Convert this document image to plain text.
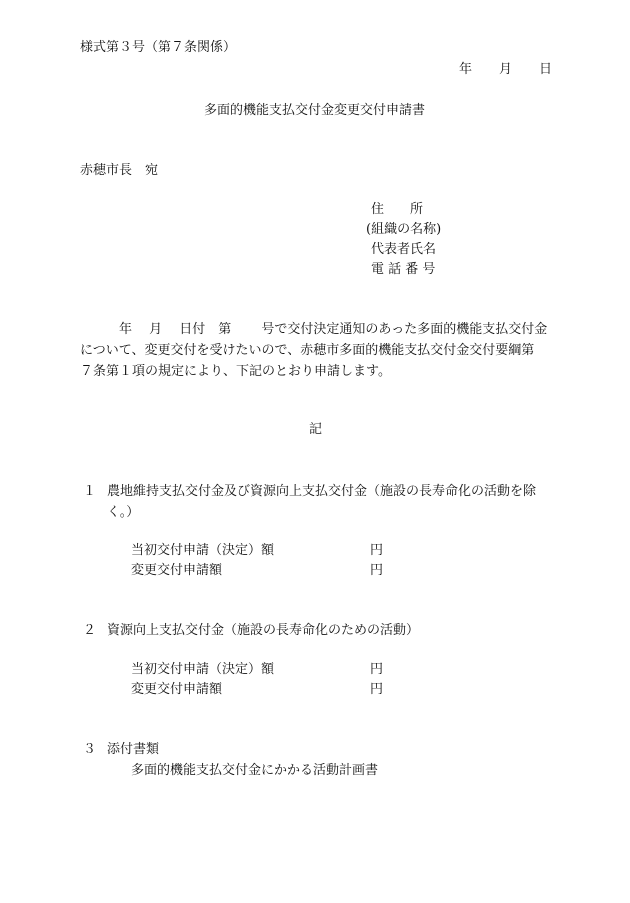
様式第３号（第７条関係）
年 月 日
多面的機能支払交付金変更交付申請書
赤穂市長　宛
住　　所
(組織の名称)
代表者氏名
電 話 番 号
　　　年　 月　 日付　第　　 号で交付決定通知のあった多面的機能支払交付金
について、変更交付を受けたいので、赤穂市多面的機能支払交付金交付要綱第
７条第１項の規定により、下記のとおり申請します。
記
１ 農地維持支払交付金及び資源向上支払交付金（施設の長寿命化の活動を除
く。）
当初交付申請（決定）額	円
変更交付申請額	円
２ 資源向上支払交付金（施設の長寿命化のための活動）
当初交付申請（決定）額	円
変更交付申請額	円
３ 添付書類
多面的機能支払交付金にかかる活動計画書
